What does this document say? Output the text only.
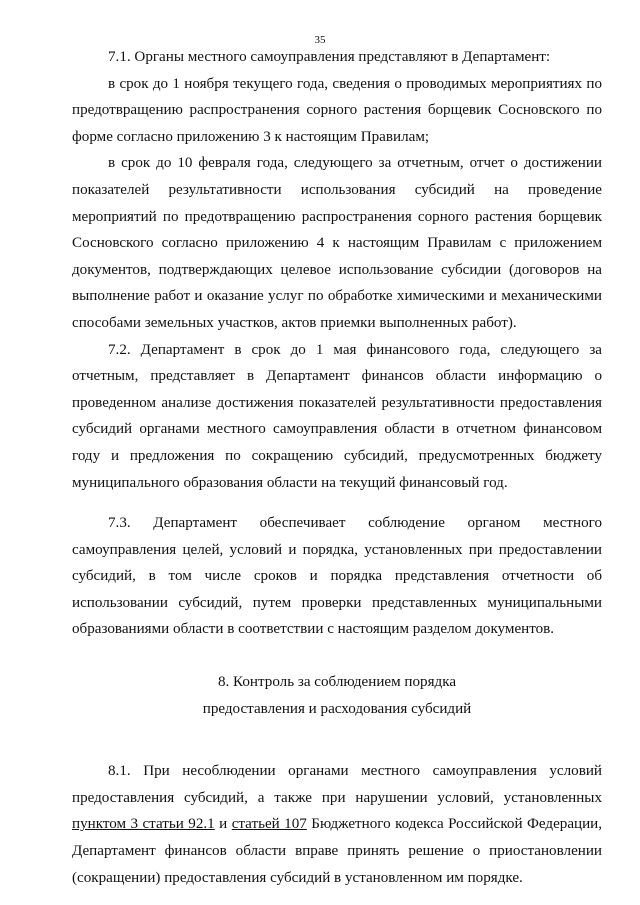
35

7.1. Органы местного самоуправления представляют в Департамент:

в срок до 1 ноября текущего года, сведения о проводимых мероприятиях по предотвращению распространения сорного растения борщевик Сосновского по форме согласно приложению 3 к настоящим Правилам;

в срок до 10 февраля года, следующего за отчетным, отчет о достижении показателей результативности использования субсидий на проведение мероприятий по предотвращению распространения сорного растения борщевик Сосновского согласно приложению 4 к настоящим Правилам с приложением документов, подтверждающих целевое использование субсидии (договоров на выполнение работ и оказание услуг по обработке химическими и механическими способами земельных участков, актов приемки выполненных работ).

7.2. Департамент в срок до 1 мая финансового года, следующего за отчетным, представляет в Департамент финансов области информацию о проведенном анализе достижения показателей результативности предоставления субсидий органами местного самоуправления области в отчетном финансовом году и предложения по сокращению субсидий, предусмотренных бюджету муниципального образования области на текущий финансовый год.

7.3. Департамент обеспечивает соблюдение органом местного самоуправления целей, условий и порядка, установленных при предоставлении субсидий, в том числе сроков и порядка представления отчетности об использовании субсидий, путем проверки представленных муниципальными образованиями области в соответствии с настоящим разделом документов.

8. Контроль за соблюдением порядка
предоставления и расходования субсидий

8.1. При несоблюдении органами местного самоуправления условий предоставления субсидий, а также при нарушении условий, установленных пунктом 3 статьи 92.1 и статьей 107 Бюджетного кодекса Российской Федерации, Департамент финансов области вправе принять решение о приостановлении (сокращении) предоставления субсидий в установленном им порядке.
